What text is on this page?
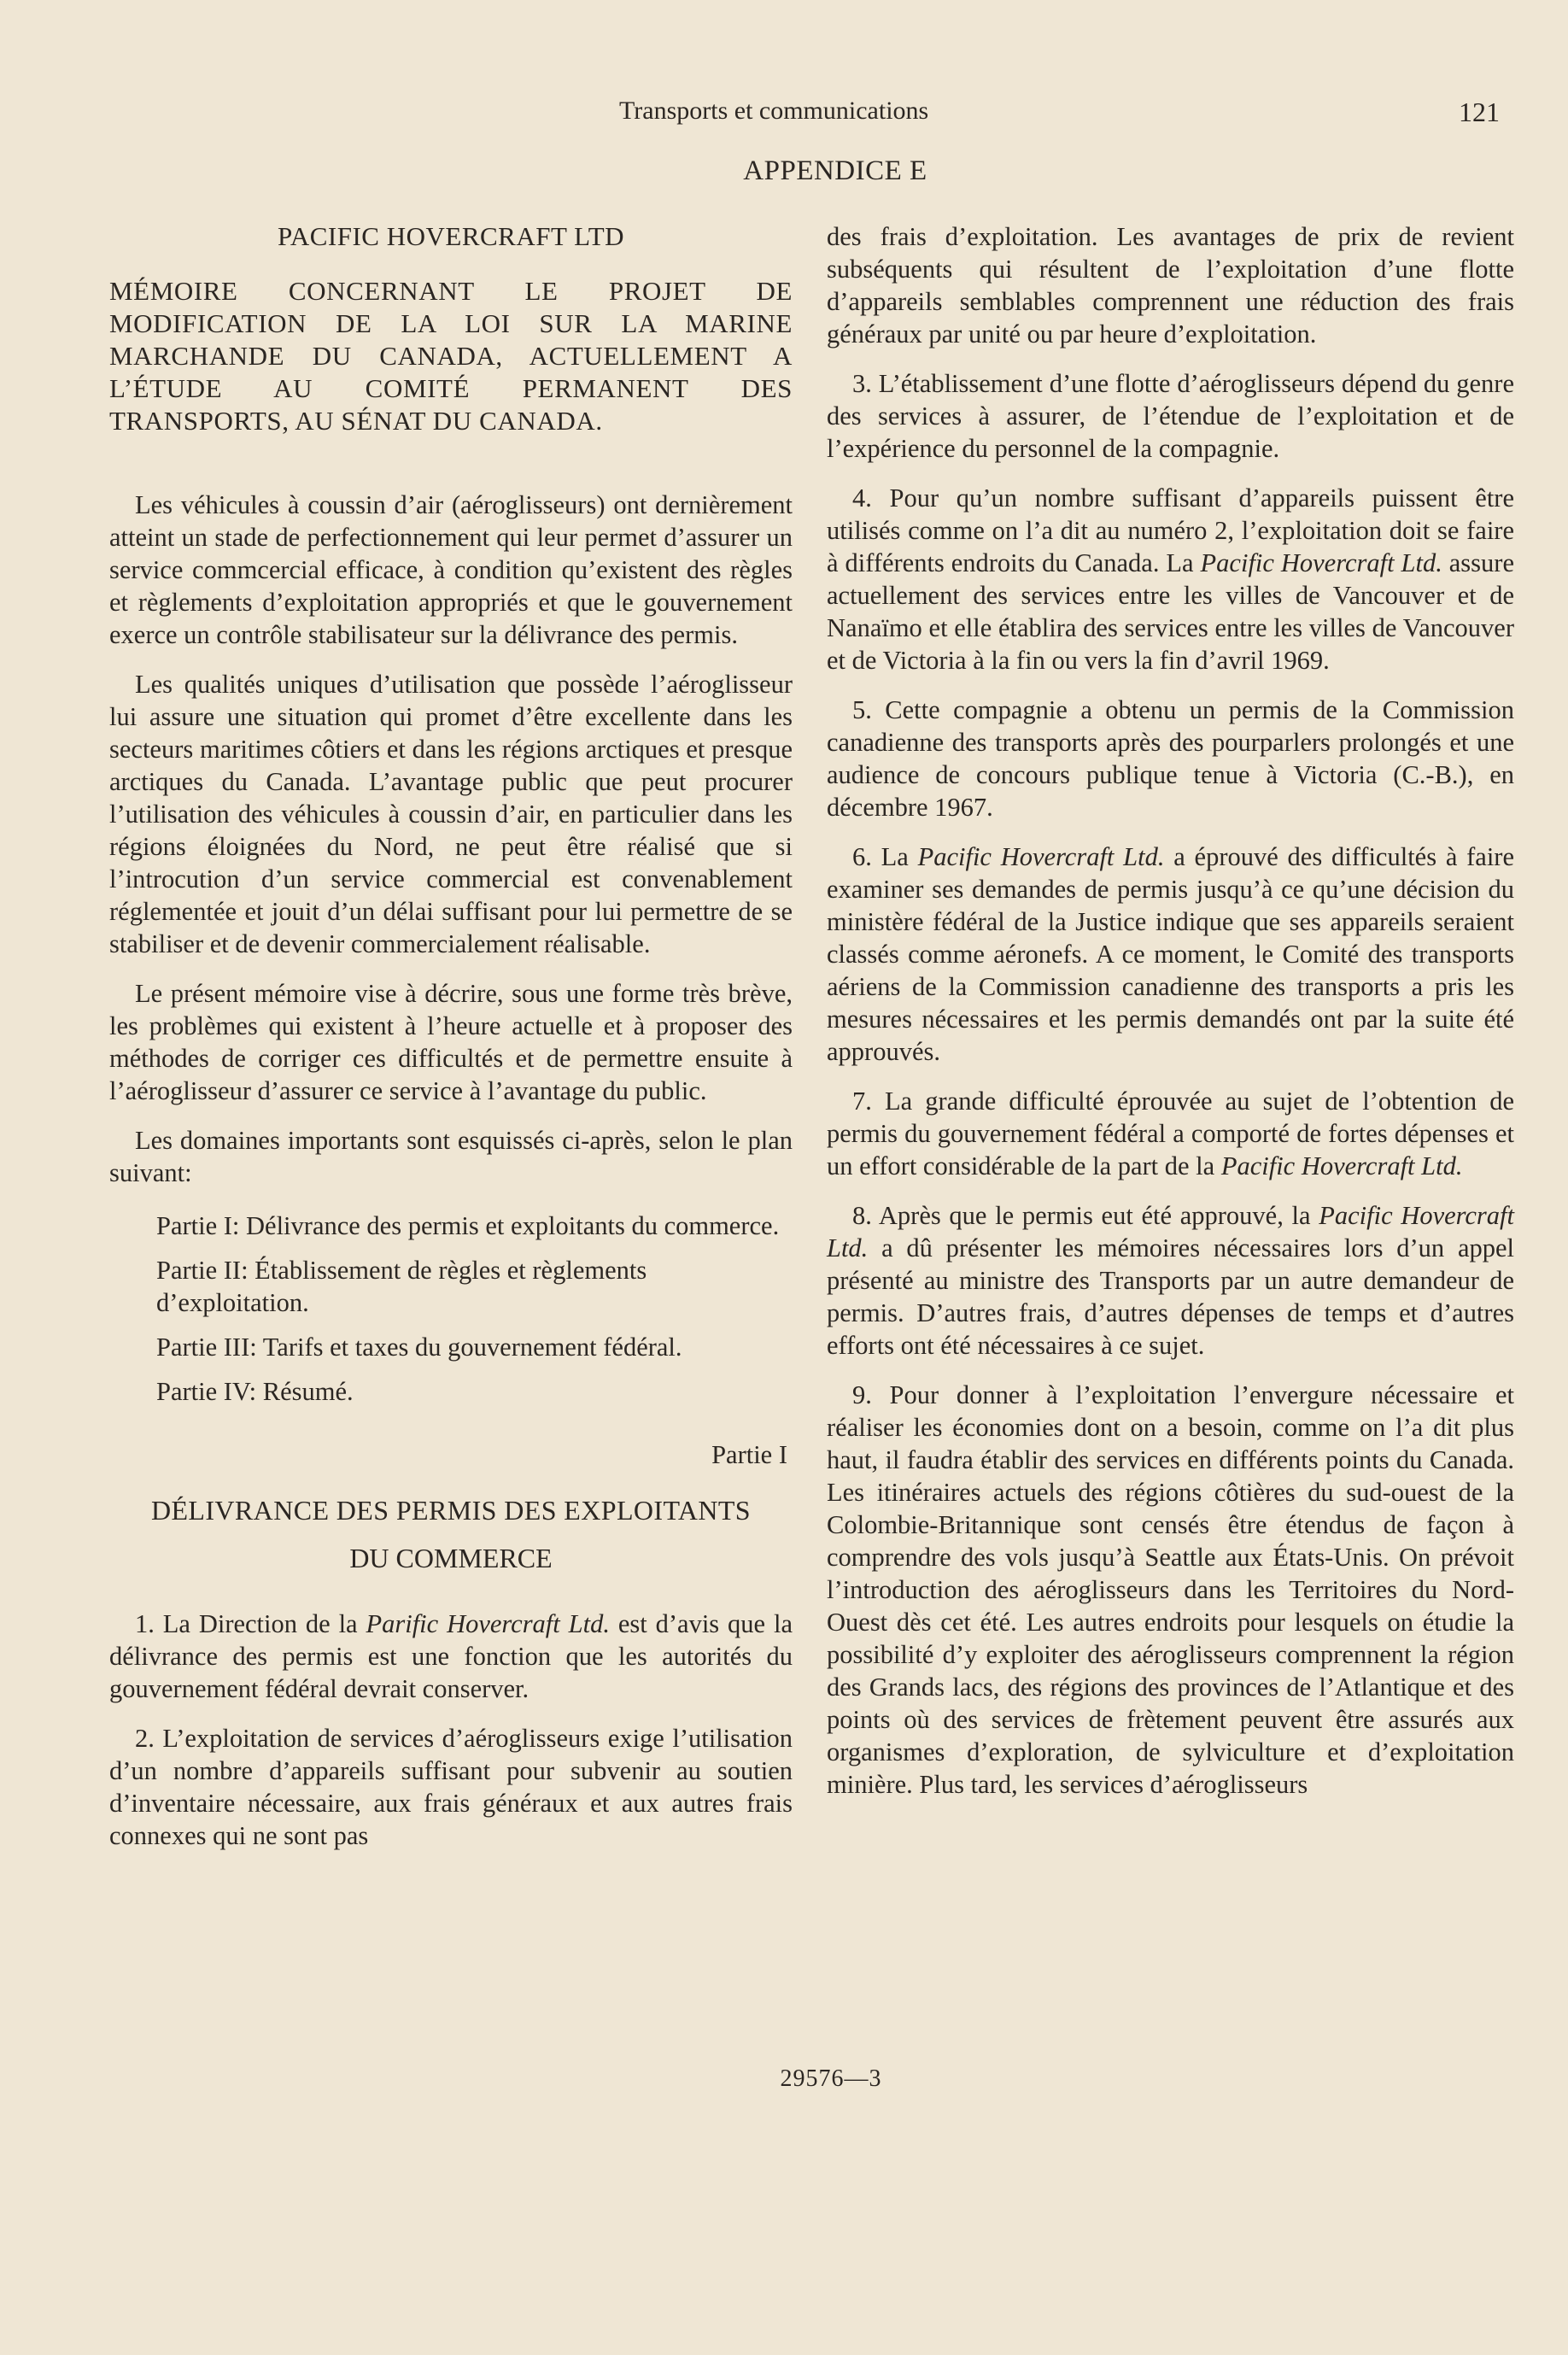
Transports et communications	121
APPENDICE E

PACIFIC HOVERCRAFT LTD

MÉMOIRE CONCERNANT LE PROJET DE MODIFICATION DE LA LOI SUR LA MARINE MARCHANDE DU CANADA, ACTUELLEMENT A L’ÉTUDE AU COMITÉ PERMANENT DES TRANSPORTS, AU SÉNAT DU CANADA.

Les véhicules à coussin d’air (aéroglisseurs) ont dernièrement atteint un stade de perfectionnement qui leur permet d’assurer un service commcercial efficace, à condition qu’existent des règles et règlements d’exploitation appropriés et que le gouvernement exerce un contrôle stabilisateur sur la délivrance des permis.

Les qualités uniques d’utilisation que possède l’aéroglisseur lui assure une situation qui promet d’être excellente dans les secteurs maritimes côtiers et dans les régions arctiques et presque arctiques du Canada. L’avantage public que peut procurer l’utilisation des véhicules à coussin d’air, en particulier dans les régions éloignées du Nord, ne peut être réalisé que si l’introcution d’un service commercial est convenablement réglementée et jouit d’un délai suffisant pour lui permettre de se stabiliser et de devenir commercialement réalisable.

Le présent mémoire vise à décrire, sous une forme très brève, les problèmes qui existent à l’heure actuelle et à proposer des méthodes de corriger ces difficultés et de permettre ensuite à l’aéroglisseur d’assurer ce service à l’avantage du public.

Les domaines importants sont esquissés ci-après, selon le plan suivant:

Partie I: Délivrance des permis et exploitants du commerce.

Partie II: Établissement de règles et règlements d’exploitation.

Partie III: Tarifs et taxes du gouvernement fédéral.

Partie IV: Résumé.

Partie I

DÉLIVRANCE DES PERMIS DES EXPLOITANTS

DU COMMERCE

1. La Direction de la Parific Hovercraft Ltd. est d’avis que la délivrance des permis est une fonction que les autorités du gouvernement fédéral devrait conserver.

2. L’exploitation de services d’aéroglisseurs exige l’utilisation d’un nombre d’appareils suffisant pour subvenir au soutien d’inventaire nécessaire, aux frais généraux et aux autres frais connexes qui ne sont pas

des frais d’exploitation. Les avantages de prix de revient subséquents qui résultent de l’exploitation d’une flotte d’appareils semblables comprennent une réduction des frais généraux par unité ou par heure d’exploitation.

3. L’établissement d’une flotte d’aéroglisseurs dépend du genre des services à assurer, de l’étendue de l’exploitation et de l’expérience du personnel de la compagnie.

4. Pour qu’un nombre suffisant d’appareils puissent être utilisés comme on l’a dit au numéro 2, l’exploitation doit se faire à différents endroits du Canada. La Pacific Hovercraft Ltd. assure actuellement des services entre les villes de Vancouver et de Nanaïmo et elle établira des services entre les villes de Vancouver et de Victoria à la fin ou vers la fin d’avril 1969.

5. Cette compagnie a obtenu un permis de la Commission canadienne des transports après des pourparlers prolongés et une audience de concours publique tenue à Victoria (C.-B.), en décembre 1967.

6. La Pacific Hovercraft Ltd. a éprouvé des difficultés à faire examiner ses demandes de permis jusqu’à ce qu’une décision du ministère fédéral de la Justice indique que ses appareils seraient classés comme aéronefs. A ce moment, le Comité des transports aériens de la Commission canadienne des transports a pris les mesures nécessaires et les permis demandés ont par la suite été approuvés.

7. La grande difficulté éprouvée au sujet de l’obtention de permis du gouvernement fédéral a comporté de fortes dépenses et un effort considérable de la part de la Pacific Hovercraft Ltd.

8. Après que le permis eut été approuvé, la Pacific Hovercraft Ltd. a dû présenter les mémoires nécessaires lors d’un appel présenté au ministre des Transports par un autre demandeur de permis. D’autres frais, d’autres dépenses de temps et d’autres efforts ont été nécessaires à ce sujet.

9. Pour donner à l’exploitation l’envergure nécessaire et réaliser les économies dont on a besoin, comme on l’a dit plus haut, il faudra établir des services en différents points du Canada. Les itinéraires actuels des régions côtières du sud-ouest de la Colombie-Britannique sont censés être étendus de façon à comprendre des vols jusqu’à Seattle aux États-Unis. On prévoit l’introduction des aéroglisseurs dans les Territoires du Nord-Ouest dès cet été. Les autres endroits pour lesquels on étudie la possibilité d’y exploiter des aéroglisseurs comprennent la région des Grands lacs, des régions des provinces de l’Atlantique et des points où des services de frètement peuvent être assurés aux organismes d’exploration, de sylviculture et d’exploitation minière. Plus tard, les services d’aéroglisseurs

29576—3
